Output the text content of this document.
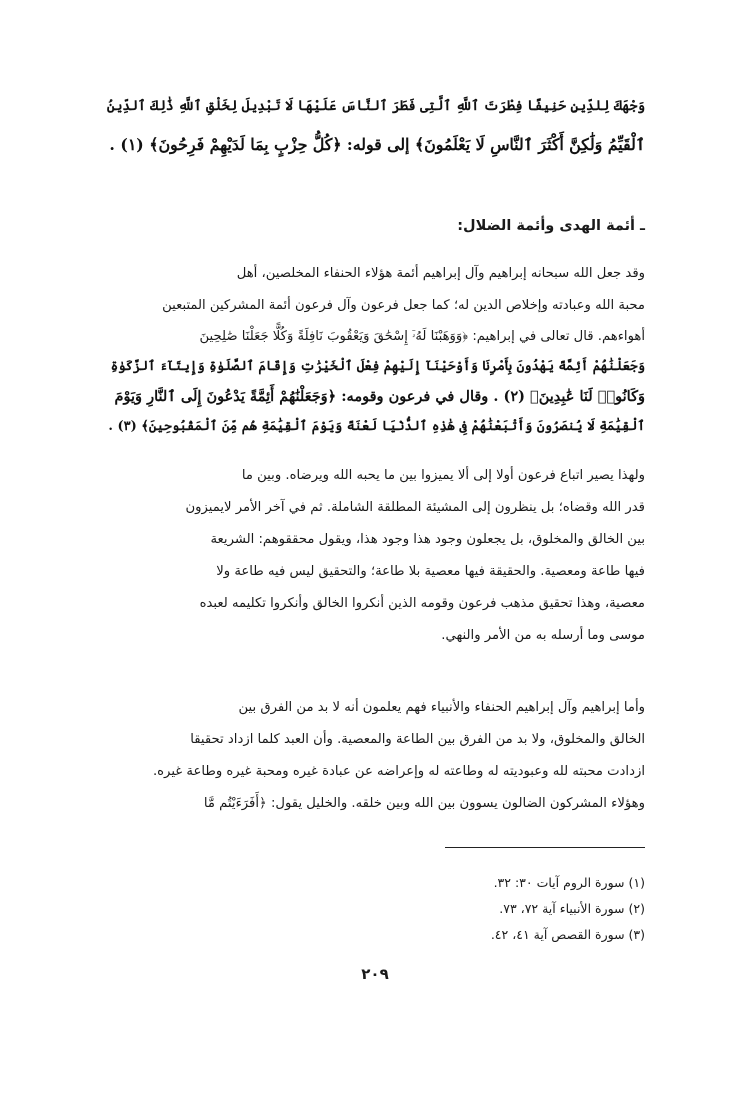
وَجْهَكَ لِلدِّينِ حَنِيفًا فِطْرَتَ ٱللَّهِ ٱلَّتِى فَطَرَ ٱلنَّاسَ عَلَيْهَا لَا تَبْدِيلَ لِخَلْقِ ٱللَّهِ ذَٰلِكَ ٱلدِّينُ
ٱلْقَيِّمُ وَلَٰكِنَّ أَكْثَرَ ٱلنَّاسِ لَا يَعْلَمُونَ﴾ إلى قوله: ﴿كُلُّ حِزْبٍ بِمَا لَدَيْهِمْ فَرِحُونَ﴾ (١) .
ـ أئمة الهدى وأئمة الضلال:
وقد جعل الله سبحانه إبراهيم وآل إبراهيم أئمة هؤلاء الحنفاء المخلصين، أهل
محبة الله وعبادته وإخلاص الدين له؛ كما جعل فرعون وآل فرعون أئمة المشركين المتبعين
أهواءهم. قال تعالى في إبراهيم: ﴿وَوَهَبْنَا لَهُۥٓ إِسْحَٰقَ وَيَعْقُوبَ نَافِلَةً وَكُلًّا جَعَلْنَا صَٰلِحِينَ
وَجَعَلْنَٰهُمْ أَئِمَّةً يَهْدُونَ بِأَمْرِنَا وَأَوْحَيْنَآ إِلَيْهِمْ فِعْلَ ٱلْخَيْرَٰتِ وَإِقَامَ ٱلصَّلَوٰةِ وَإِيتَآءَ ٱلزَّكَوٰةِ
وَكَانُوا۟ لَنَا عَٰبِدِينَ﴾ (٢) . وقال في فرعون وقومه: ﴿وَجَعَلْنَٰهُمْ أَئِمَّةً يَدْعُونَ إِلَى ٱلنَّارِ وَيَوْمَ
ٱلْقِيَٰمَةِ لَا يُنصَرُونَ وَأَتْبَعْنَٰهُمْ فِى هَٰذِهِ ٱلدُّنْيَا لَعْنَةً وَيَوْمَ ٱلْقِيَٰمَةِ هُم مِّنَ ٱلْمَقْبُوحِينَ﴾ (٣) .
ولهذا يصير اتباع فرعون أولا إلى ألا يميزوا بين ما يحبه الله ويرضاه. وبين ما
قدر الله وقضاه؛ بل ينظرون إلى المشيئة المطلقة الشاملة. ثم في آخر الأمر لايميزون
بين الخالق والمخلوق، بل يجعلون وجود هذا وجود هذا، ويقول محققوهم: الشريعة
فيها طاعة ومعصية. والحقيقة فيها معصية بلا طاعة؛ والتحقيق ليس فيه طاعة ولا
معصية، وهذا تحقيق مذهب فرعون وقومه الذين أنكروا الخالق وأنكروا تكليمه لعبده
موسى وما أرسله به من الأمر والنهي.
وأما إبراهيم وآل إبراهيم الحنفاء والأنبياء فهم يعلمون أنه لا بد من الفرق بين
الخالق والمخلوق، ولا بد من الفرق بين الطاعة والمعصية. وأن العبد كلما ازداد تحقيقا
ازدادت محبته لله وعبوديته له وطاعته له وإعراضه عن عبادة غيره ومحبة غيره وطاعة غيره.
وهؤلاء المشركون الضالون يسوون بين الله وبين خلقه. والخليل يقول: ﴿أَفَرَءَيْتُم مَّا
(١) سورة الروم آيات ٣٠: ٣٢.
(٢) سورة الأنبياء آية ٧٢، ٧٣.
(٣) سورة القصص آية ٤١، ٤٢.
٢٠٩
